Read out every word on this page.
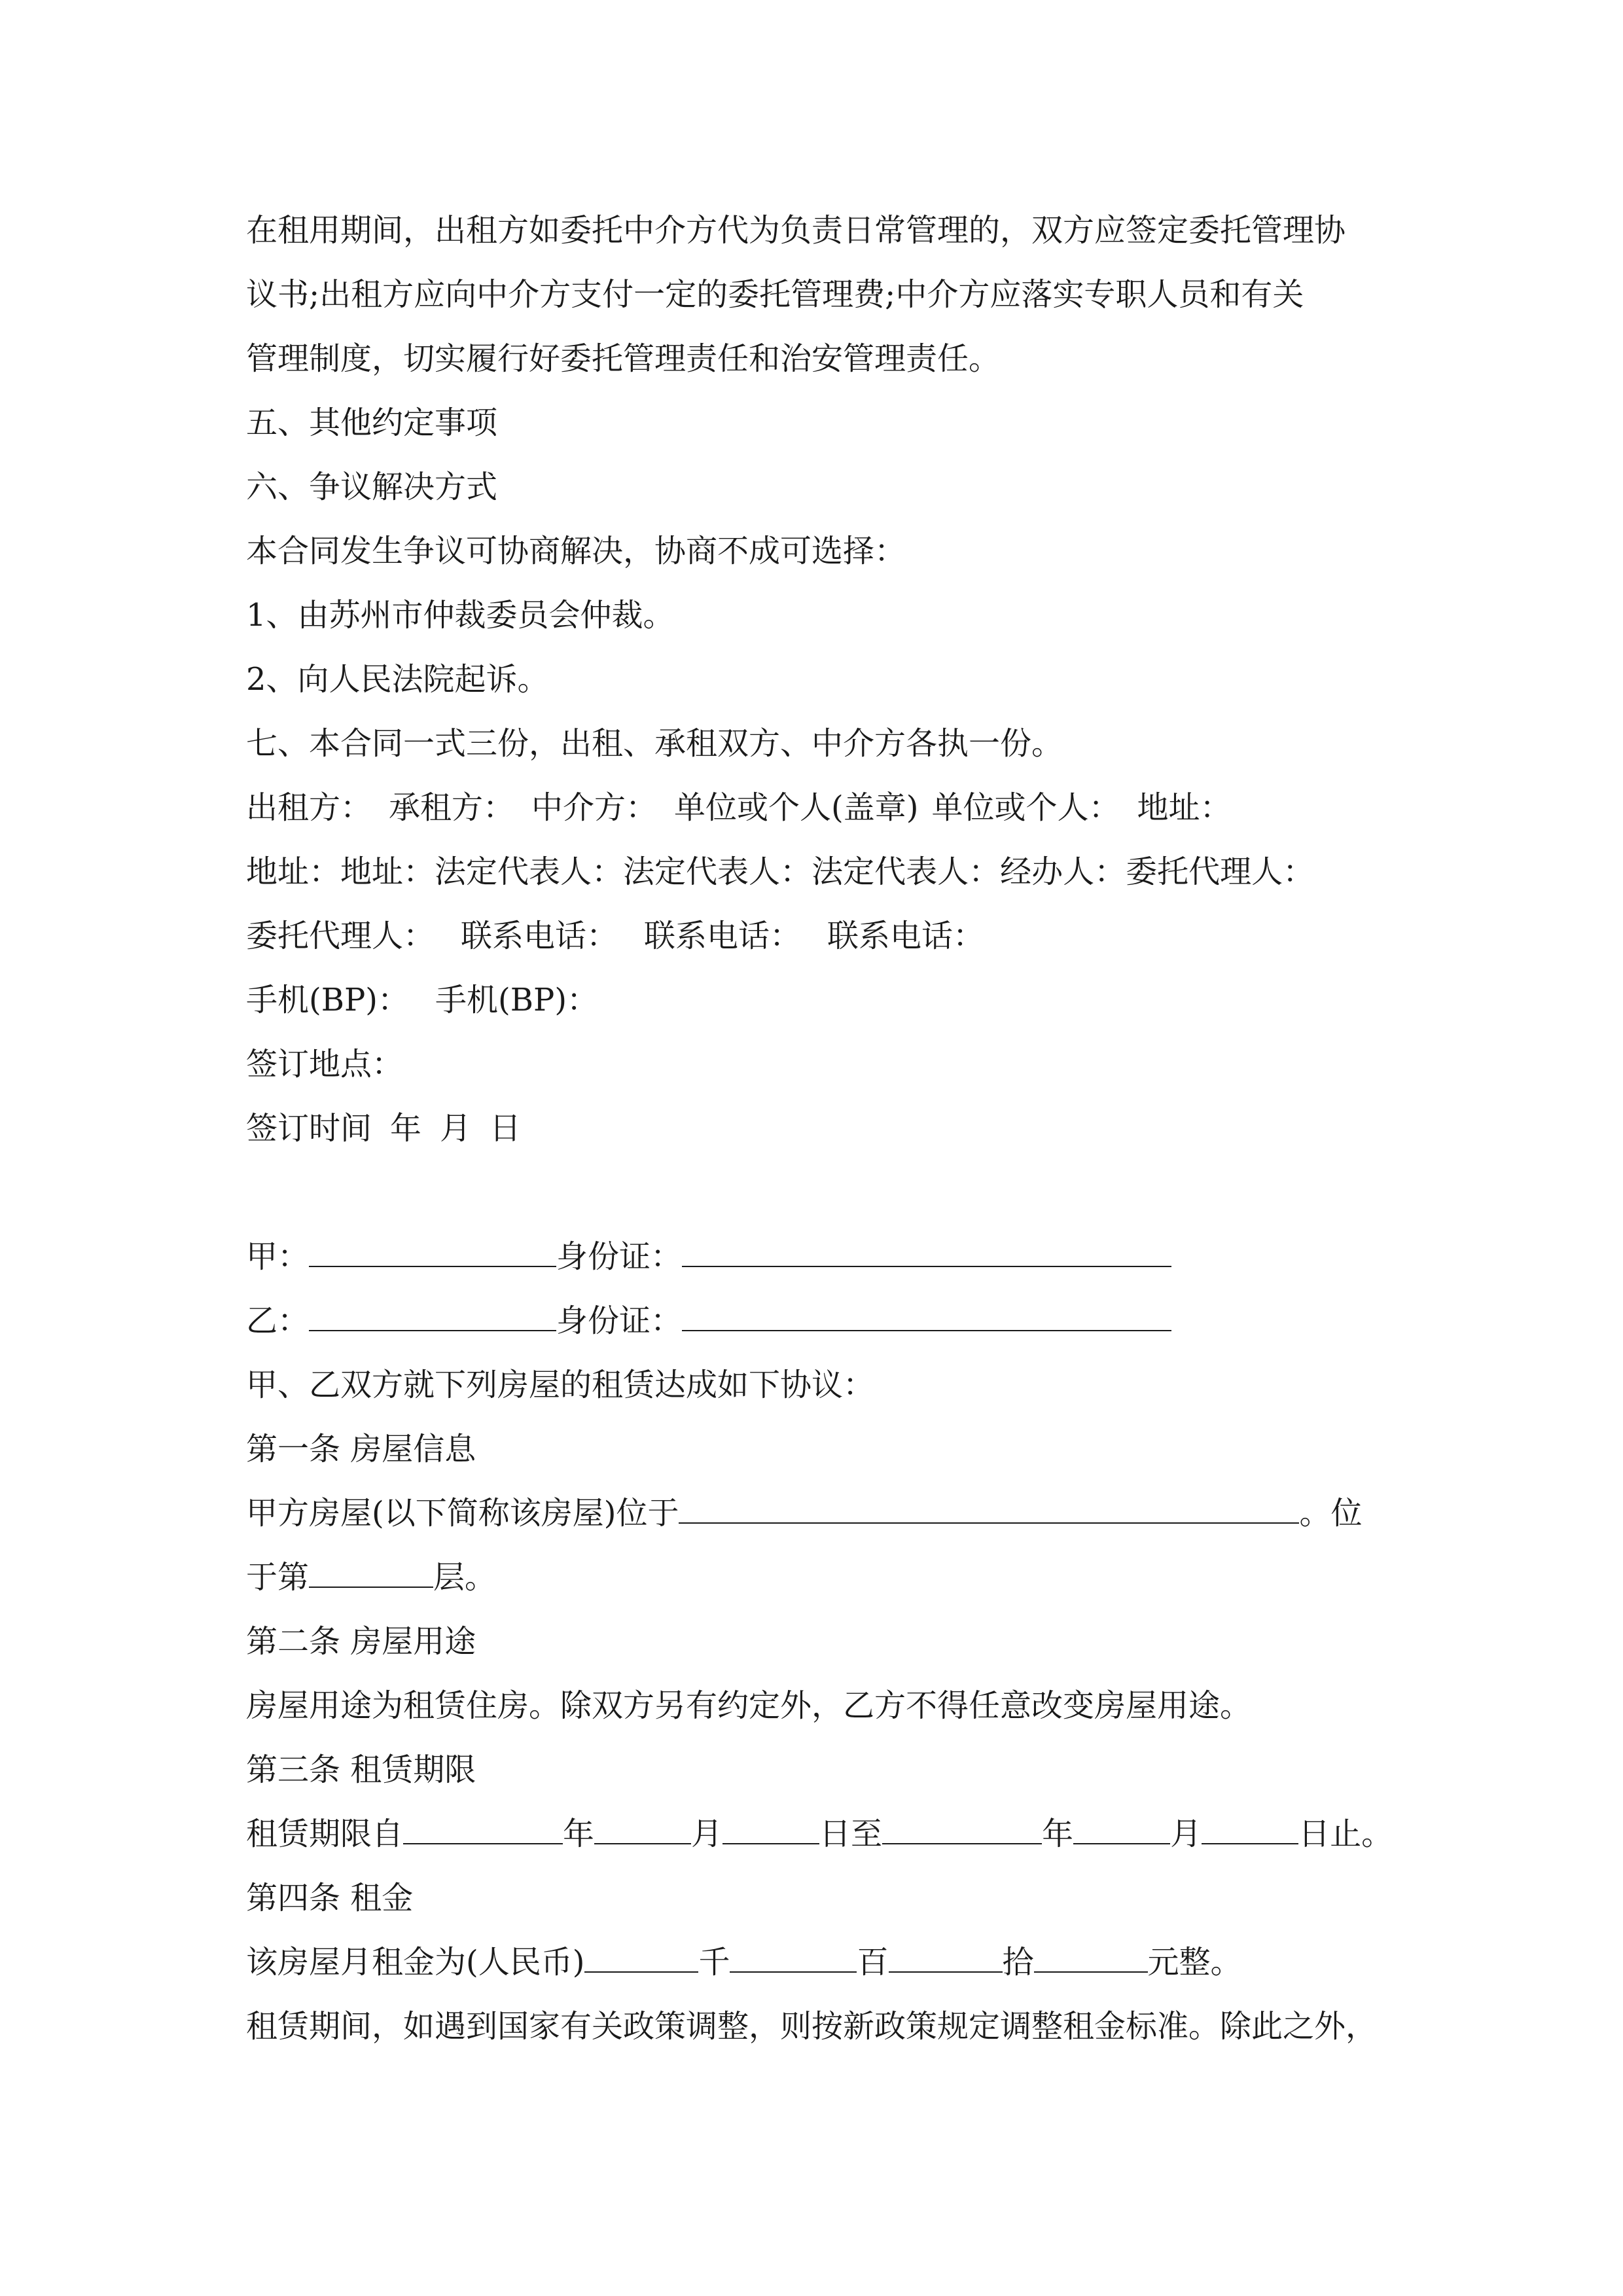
在租用期间，出租方如委托中介方代为负责日常管理的，双方应签定委托管理协
议书;出租方应向中介方支付一定的委托管理费;中介方应落实专职人员和有关
管理制度，切实履行好委托管理责任和治安管理责任。
五、其他约定事项
六、争议解决方式
本合同发生争议可协商解决，协商不成可选择：
1、由苏州市仲裁委员会仲裁。
2、向人民法院起诉。
七、本合同一式三份，出租、承租双方、中介方各执一份。
出租方： 承租方： 中介方： 单位或个人(盖章) 单位或个人： 地址：
地址：地址：法定代表人：法定代表人：法定代表人：经办人：委托代理人：
委托代理人： 联系电话： 联系电话： 联系电话：
手机(BP)： 手机(BP)：
签订地点：
签订时间 年 月 日
甲：	身份证：
乙：	身份证：
甲、乙双方就下列房屋的租赁达成如下协议：
第一条 房屋信息
甲方房屋(以下简称该房屋)位于	。位
于第	层。
第二条 房屋用途
房屋用途为租赁住房。除双方另有约定外，乙方不得任意改变房屋用途。
第三条 租赁期限
租赁期限自	年	月	日至	年	月	日止。
第四条 租金
该房屋月租金为(人民币)	千	百	拾	元整。
租赁期间，如遇到国家有关政策调整，则按新政策规定调整租金标准。除此之外，
